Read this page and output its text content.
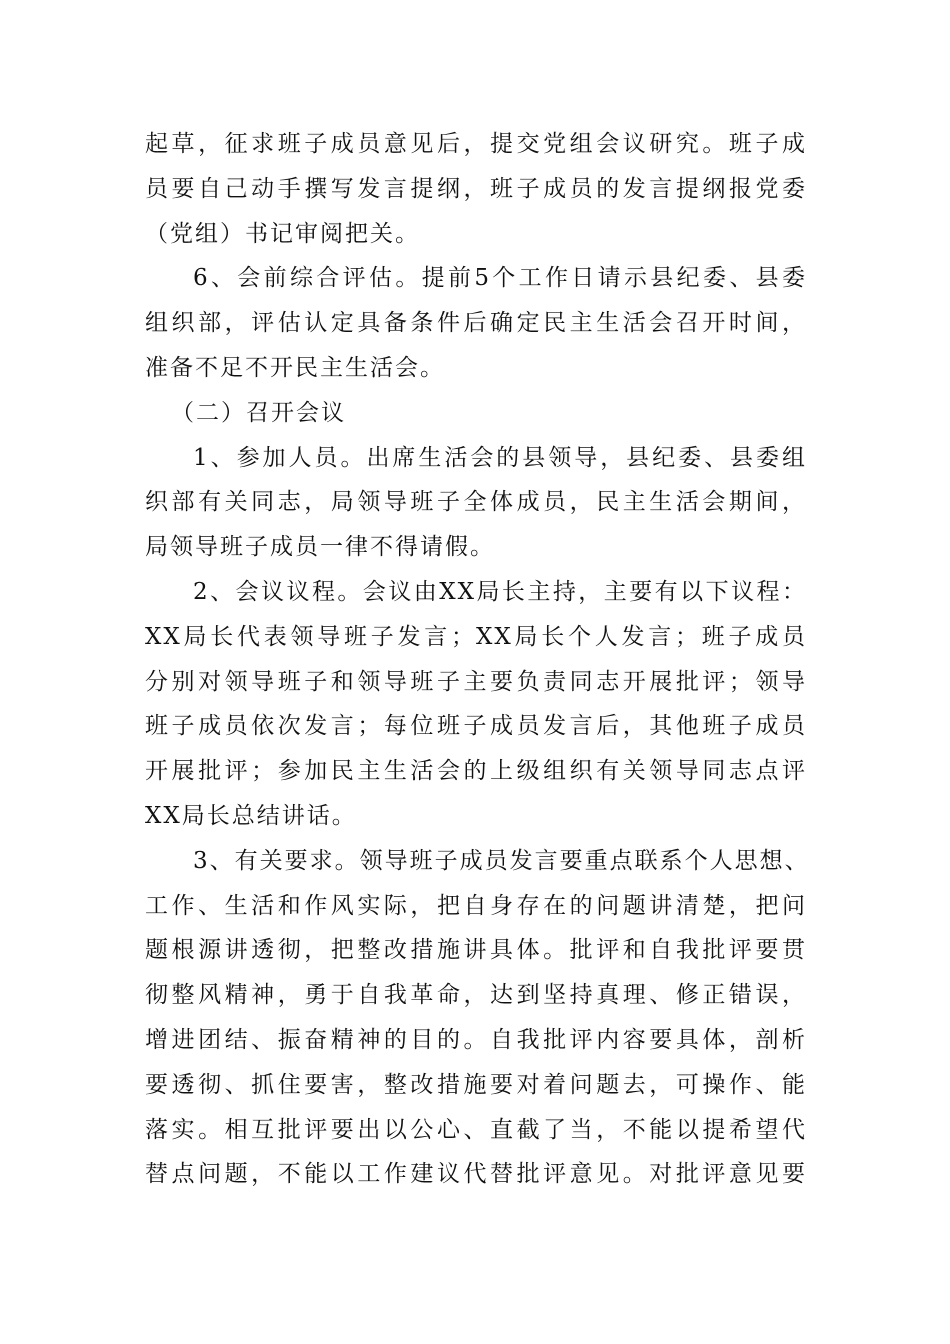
起草，征求班子成员意见后，提交党组会议研究。班子成
员要自己动手撰写发言提纲，班子成员的发言提纲报党委
（党组）书记审阅把关。
6、会前综合评估。提前5个工作日请示县纪委、县委
组织部，评估认定具备条件后确定民主生活会召开时间，
准备不足不开民主生活会。
（二）召开会议
1、参加人员。出席生活会的县领导，县纪委、县委组
织部有关同志，局领导班子全体成员，民主生活会期间，
局领导班子成员一律不得请假。
2、会议议程。会议由XX局长主持，主要有以下议程：
XX局长代表领导班子发言；XX局长个人发言；班子成员
分别对领导班子和领导班子主要负责同志开展批评；领导
班子成员依次发言；每位班子成员发言后，其他班子成员
开展批评；参加民主生活会的上级组织有关领导同志点评
XX局长总结讲话。
3、有关要求。领导班子成员发言要重点联系个人思想、
工作、生活和作风实际，把自身存在的问题讲清楚，把问
题根源讲透彻，把整改措施讲具体。批评和自我批评要贯
彻整风精神，勇于自我革命，达到坚持真理、修正错误，
增进团结、振奋精神的目的。自我批评内容要具体，剖析
要透彻、抓住要害，整改措施要对着问题去，可操作、能
落实。相互批评要出以公心、直截了当，不能以提希望代
替点问题，不能以工作建议代替批评意见。对批评意见要
